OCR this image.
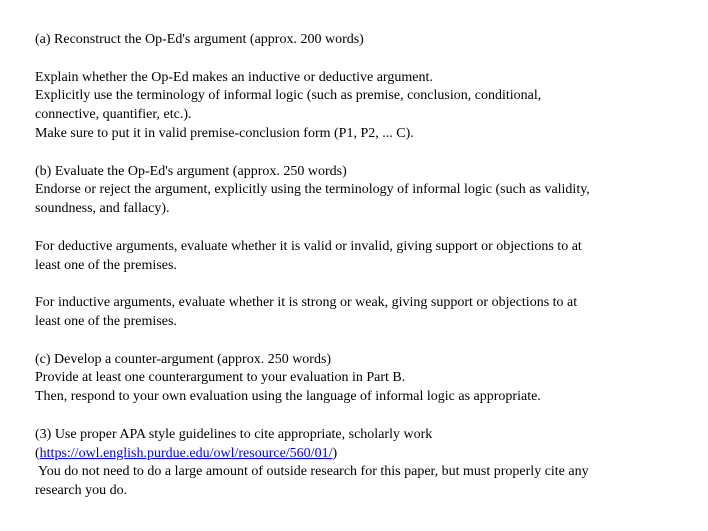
(a) Reconstruct the Op-Ed's argument (approx. 200 words)
Explain whether the Op-Ed makes an inductive or deductive argument.
Explicitly use the terminology of informal logic (such as premise, conclusion, conditional,
connective, quantifier, etc.).
Make sure to put it in valid premise-conclusion form (P1, P2, ... C).
(b) Evaluate the Op-Ed's argument (approx. 250 words)
Endorse or reject the argument, explicitly using the terminology of informal logic (such as validity,
soundness, and fallacy).
For deductive arguments, evaluate whether it is valid or invalid, giving support or objections to at
least one of the premises.
For inductive arguments, evaluate whether it is strong or weak, giving support or objections to at
least one of the premises.
(c) Develop a counter-argument (approx. 250 words)
Provide at least one counterargument to your evaluation in Part B.
Then, respond to your own evaluation using the language of informal logic as appropriate.
(3) Use proper APA style guidelines to cite appropriate, scholarly work
(https://owl.english.purdue.edu/owl/resource/560/01/)
You do not need to do a large amount of outside research for this paper, but must properly cite any
research you do.
